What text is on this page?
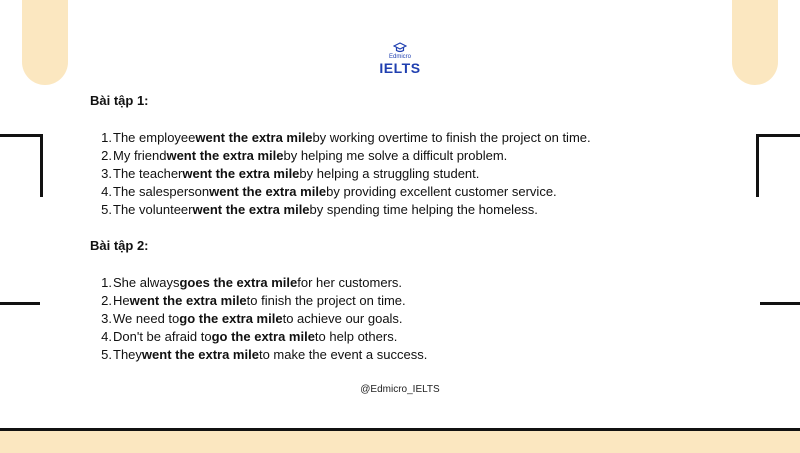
Edmicro
IELTS
Bài tập 1:
1. The employee went the extra mile by working overtime to finish the project on time.
2. My friend went the extra mile by helping me solve a difficult problem.
3. The teacher went the extra mile by helping a struggling student.
4. The salesperson went the extra mile by providing excellent customer service.
5. The volunteer went the extra mile by spending time helping the homeless.
Bài tập 2:
1. She always goes the extra mile for her customers.
2. He went the extra mile to finish the project on time.
3. We need to go the extra mile to achieve our goals.
4. Don't be afraid to go the extra mile to help others.
5. They went the extra mile to make the event a success.
@Edmicro_IELTS
